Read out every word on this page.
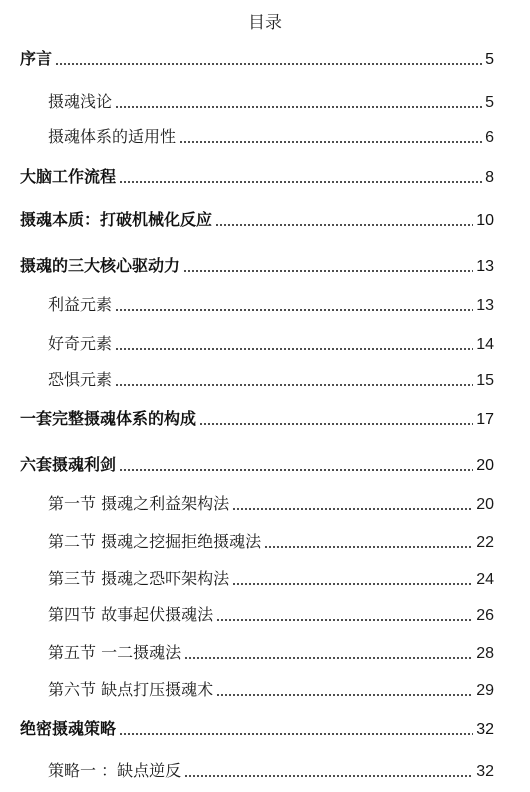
目录
序言	5
摄魂浅论	5
摄魂体系的适用性	6
大脑工作流程	8
摄魂本质：打破机械化反应	10
摄魂的三大核心驱动力	13
利益元素	13
好奇元素	14
恐惧元素	15
一套完整摄魂体系的构成	17
六套摄魂利剑	20
第一节 摄魂之利益架构法	20
第二节 摄魂之挖掘拒绝摄魂法	22
第三节 摄魂之恐吓架构法	24
第四节 故事起伏摄魂法	26
第五节 一二摄魂法	28
第六节 缺点打压摄魂术	29
绝密摄魂策略	32
策略一 ：缺点逆反	32
